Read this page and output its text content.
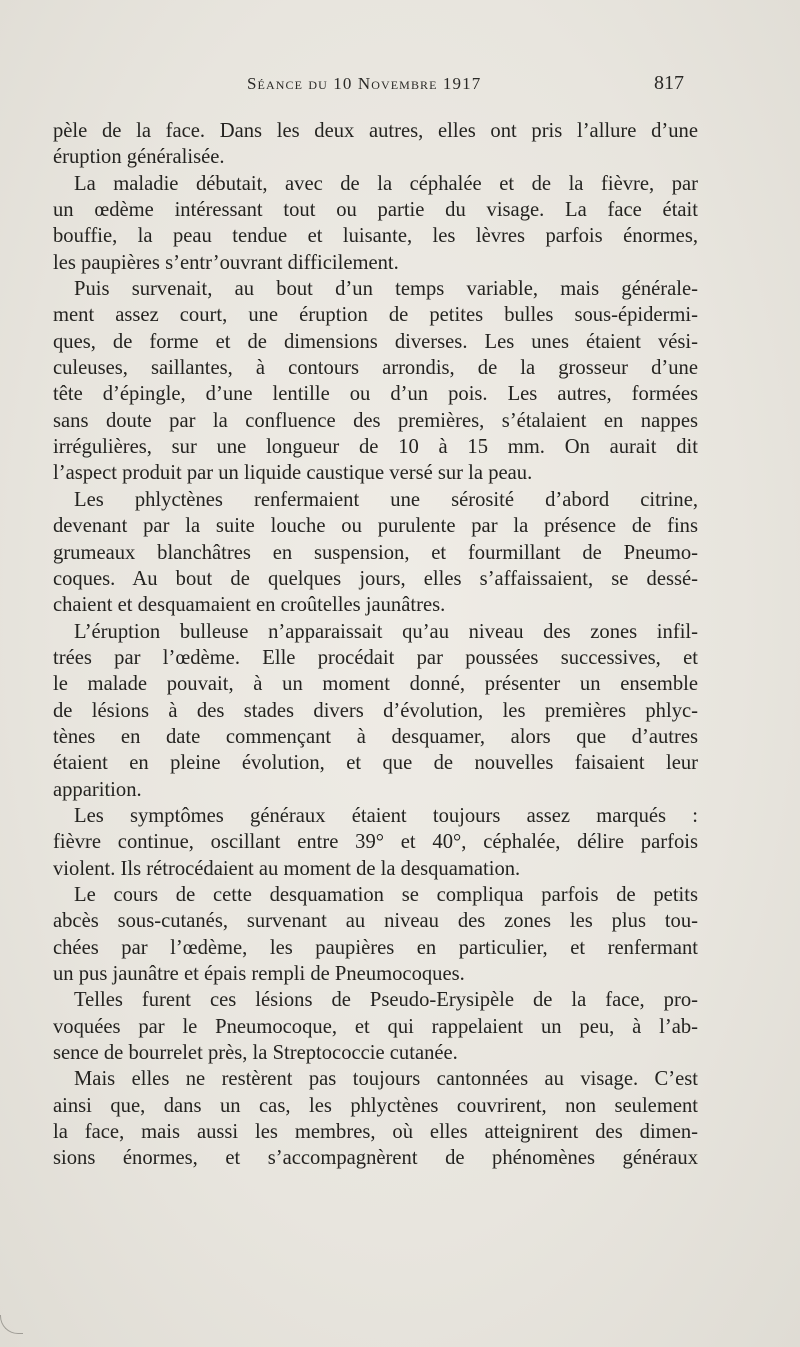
Séance du 10 Novembre 1917	817
pèle de la face. Dans les deux autres, elles ont pris l’allure d’une
éruption généralisée.
La maladie débutait, avec de la céphalée et de la fièvre, par
un œdème intéressant tout ou partie du visage. La face était
bouffie, la peau tendue et luisante, les lèvres parfois énormes,
les paupières s’entr’ouvrant difficilement.
Puis survenait, au bout d’un temps variable, mais générale-
ment assez court, une éruption de petites bulles sous-épidermi-
ques, de forme et de dimensions diverses. Les unes étaient vési-
culeuses, saillantes, à contours arrondis, de la grosseur d’une
tête d’épingle, d’une lentille ou d’un pois. Les autres, formées
sans doute par la confluence des premières, s’étalaient en nappes
irrégulières, sur une longueur de 10 à 15 mm. On aurait dit
l’aspect produit par un liquide caustique versé sur la peau.
Les phlyctènes renfermaient une sérosité d’abord citrine,
devenant par la suite louche ou purulente par la présence de fins
grumeaux blanchâtres en suspension, et fourmillant de Pneumo-
coques. Au bout de quelques jours, elles s’affaissaient, se dessé-
chaient et desquamaient en croûtelles jaunâtres.
L’éruption bulleuse n’apparaissait qu’au niveau des zones infil-
trées par l’œdème. Elle procédait par poussées successives, et
le malade pouvait, à un moment donné, présenter un ensemble
de lésions à des stades divers d’évolution, les premières phlyc-
tènes en date commençant à desquamer, alors que d’autres
étaient en pleine évolution, et que de nouvelles faisaient leur
apparition.
Les symptômes généraux étaient toujours assez marqués :
fièvre continue, oscillant entre 39° et 40°, céphalée, délire parfois
violent. Ils rétrocédaient au moment de la desquamation.
Le cours de cette desquamation se compliqua parfois de petits
abcès sous-cutanés, survenant au niveau des zones les plus tou-
chées par l’œdème, les paupières en particulier, et renfermant
un pus jaunâtre et épais rempli de Pneumocoques.
Telles furent ces lésions de Pseudo-Erysipèle de la face, pro-
voquées par le Pneumocoque, et qui rappelaient un peu, à l’ab-
sence de bourrelet près, la Streptococcie cutanée.
Mais elles ne restèrent pas toujours cantonnées au visage. C’est
ainsi que, dans un cas, les phlyctènes couvrirent, non seulement
la face, mais aussi les membres, où elles atteignirent des dimen-
sions énormes, et s’accompagnèrent de phénomènes généraux
